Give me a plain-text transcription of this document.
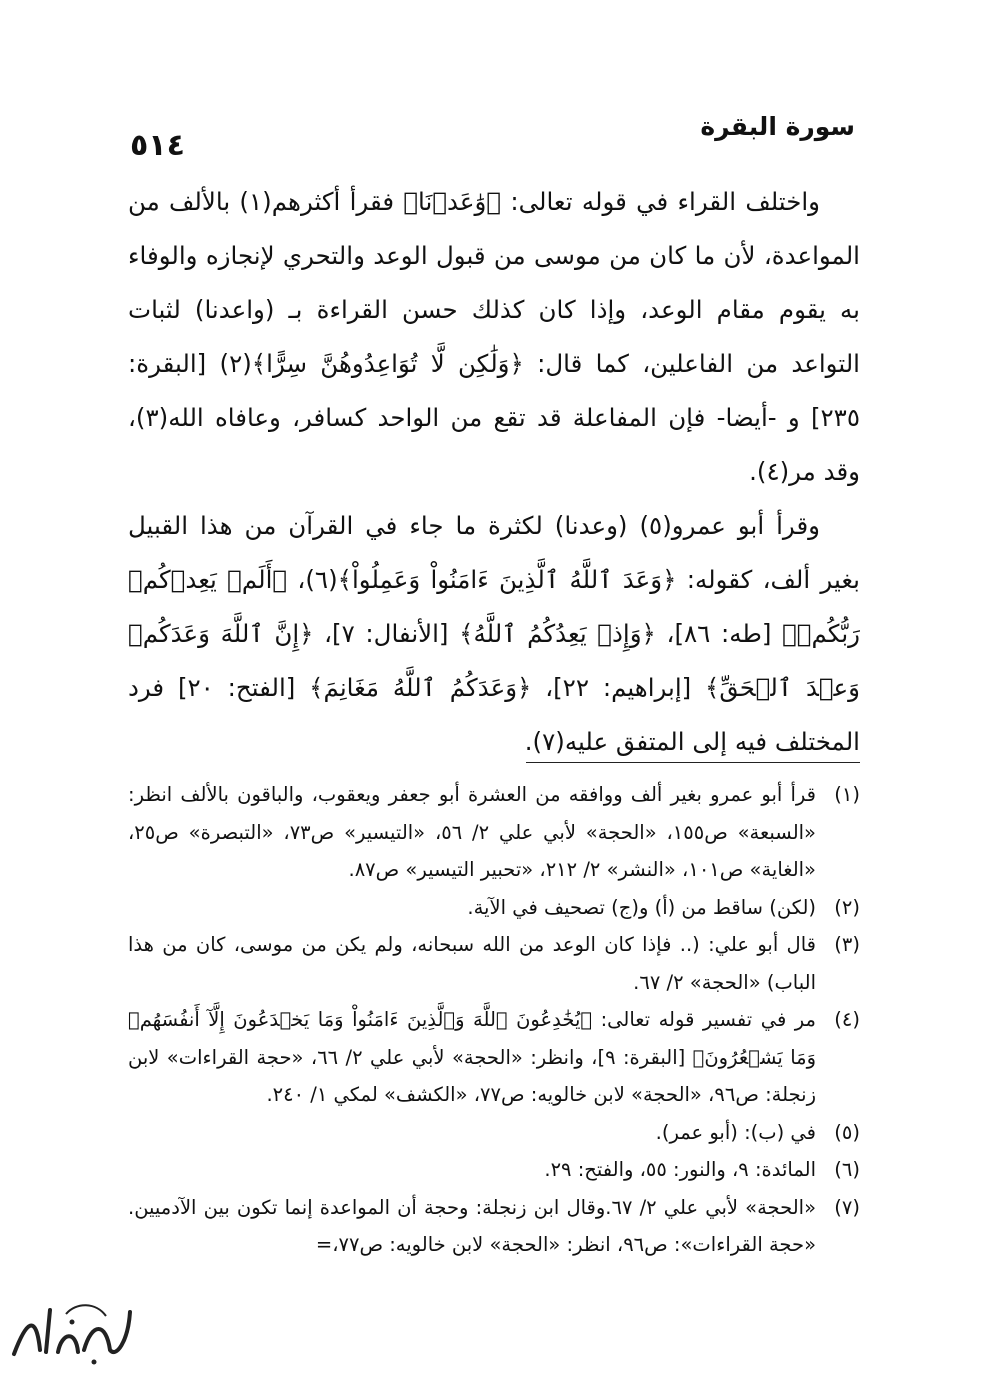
٥١٤
سورة البقرة

واختلف القراء في قوله تعالى: ﴿وَٰعَدۡنَا﴾ فقرأ أكثرهم(١) بالألف من المواعدة، لأن ما كان من موسى من قبول الوعد والتحري لإنجازه والوفاء به يقوم مقام الوعد، وإذا كان كذلك حسن القراءة بـ (واعدنا) لثبات التواعد من الفاعلين، كما قال: ﴿وَلَٰكِن لَّا تُوَاعِدُوهُنَّ سِرًّا﴾(٢) [البقرة: ٢٣٥] و -أيضا- فإن المفاعلة قد تقع من الواحد كسافر، وعافاه الله(٣)، وقد مر(٤).

وقرأ أبو عمرو(٥) (وعدنا) لكثرة ما جاء في القرآن من هذا القبيل بغير ألف، كقوله: ﴿وَعَدَ ٱللَّهُ ٱلَّذِينَ ءَامَنُواْ وَعَمِلُواْ﴾(٦)، ﴿أَلَمۡ يَعِدۡكُمۡ رَبُّكُمۡ﴾ [طه: ٨٦]، ﴿وَإِذۡ يَعِدُكُمُ ٱللَّهُ﴾ [الأنفال: ٧]، ﴿إِنَّ ٱللَّهَ وَعَدَكُمۡ وَعۡدَ ٱلۡحَقِّ﴾ [إبراهيم: ٢٢]، ﴿وَعَدَكُمُ ٱللَّهُ مَغَانِمَ﴾ [الفتح: ٢٠] فرد المختلف فيه إلى المتفق عليه(٧).

(١)
قرأ أبو عمرو بغير ألف ووافقه من العشرة أبو جعفر ويعقوب، والباقون بالألف انظر: «السبعة» ص١٥٥، «الحجة» لأبي علي ٢/ ٥٦، «التيسير» ص٧٣، «التبصرة» ص٢٥، «الغاية» ص١٠١، «النشر» ٢/ ٢١٢، «تحبير التيسير» ص٨٧.
(٢)
(لكن) ساقط من (أ) و(ج) تصحيف في الآية.
(٣)
قال أبو علي: (.. فإذا كان الوعد من الله سبحانه، ولم يكن من موسى، كان من هذا الباب) «الحجة» ٢/ ٦٧.
(٤)
مر في تفسير قوله تعالى: ﴿يُخَٰدِعُونَ ٱللَّهَ وَٱلَّذِينَ ءَامَنُواْ وَمَا يَخۡدَعُونَ إِلَّآ أَنفُسَهُمۡ وَمَا يَشۡعُرُونَ﴾ [البقرة: ٩]، وانظر: «الحجة» لأبي علي ٢/ ٦٦، «حجة القراءات» لابن زنجلة: ص٩٦، «الحجة» لابن خالويه: ص٧٧، «الكشف» لمكي ١/ ٢٤٠.
(٥)
في (ب): (أبو عمر).
(٦)
المائدة: ٩، والنور: ٥٥، والفتح: ٢٩.
(٧)
«الحجة» لأبي علي ٢/ ٦٧.وقال ابن زنجلة: وحجة أن المواعدة إنما تكون بين الآدميين. «حجة القراءات»: ص٩٦، انظر: «الحجة» لابن خالويه: ص٧٧،=
